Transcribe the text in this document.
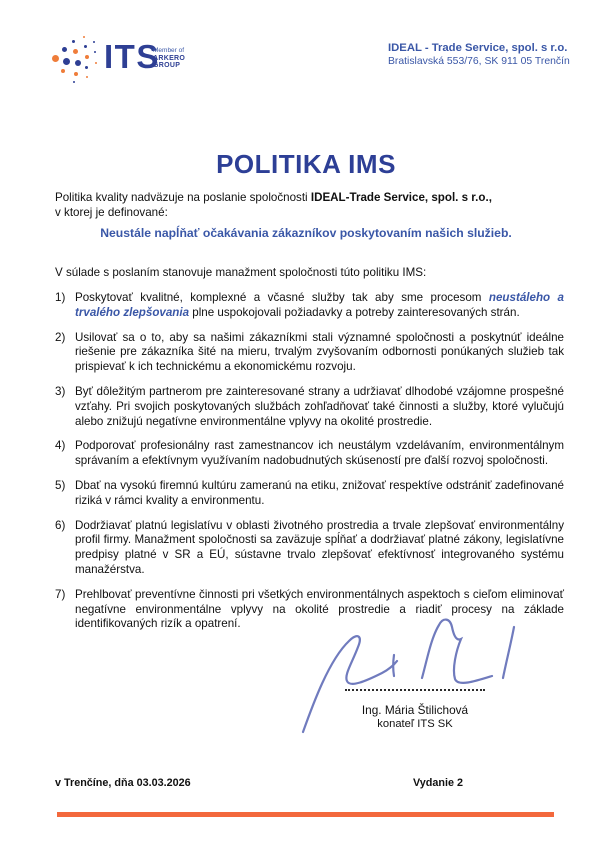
ITS
Member of
ARKERO
GROUP
IDEAL - Trade Service, spol. s r.o.
Bratislavská 553/76, SK 911 05 Trenčín
POLITIKA IMS
Politika kvality nadväzuje na poslanie spoločnosti IDEAL-Trade Service, spol. s r.o.,
v ktorej je definované:
Neustále napĺňať očakávania zákazníkov poskytovaním našich služieb.
V súlade s poslaním stanovuje manažment spoločnosti túto politiku IMS:
1) Poskytovať kvalitné, komplexné a včasné služby tak aby sme procesom neustáleho a trvalého zlepšovania plne uspokojovali požiadavky a potreby zainteresovaných strán.
2) Usilovať sa o to, aby sa našimi zákazníkmi stali významné spoločnosti a poskytnúť ideálne riešenie pre zákazníka šité na mieru, trvalým zvyšovaním odbornosti ponúkaných služieb tak prispievať k ich technickému a ekonomickému rozvoju.
3) Byť dôležitým partnerom pre zainteresované strany a udržiavať dlhodobé vzájomne prospešné vzťahy. Pri svojich poskytovaných službách zohľadňovať také činnosti a služby, ktoré vylučujú alebo znižujú negatívne environmentálne vplyvy na okolité prostredie.
4) Podporovať profesionálny rast zamestnancov ich neustálym vzdelávaním, environmentálnym správaním a efektívnym využívaním nadobudnutých skúseností pre ďalší rozvoj spoločnosti.
5) Dbať na vysokú firemnú kultúru zameranú na etiku, znižovať respektíve odstrániť zadefinované riziká v rámci kvality a environmentu.
6) Dodržiavať platnú legislatívu v oblasti životného prostredia a trvale zlepšovať environmentálny profil firmy. Manažment spoločnosti sa zaväzuje spĺňať a dodržiavať platné zákony, legislatívne predpisy platné v SR a EÚ, sústavne trvalo zlepšovať efektívnosť integrovaného systému manažérstva.
7) Prehlbovať preventívne činnosti pri všetkých environmentálnych aspektoch s cieľom eliminovať negatívne environmentálne vplyvy na okolité prostredie a riadiť procesy na základe identifikovaných rizík a opatrení.
Ing. Mária Štilichová
konateľ ITS SK
v Trenčíne, dňa 03.03.2026	Vydanie 2
